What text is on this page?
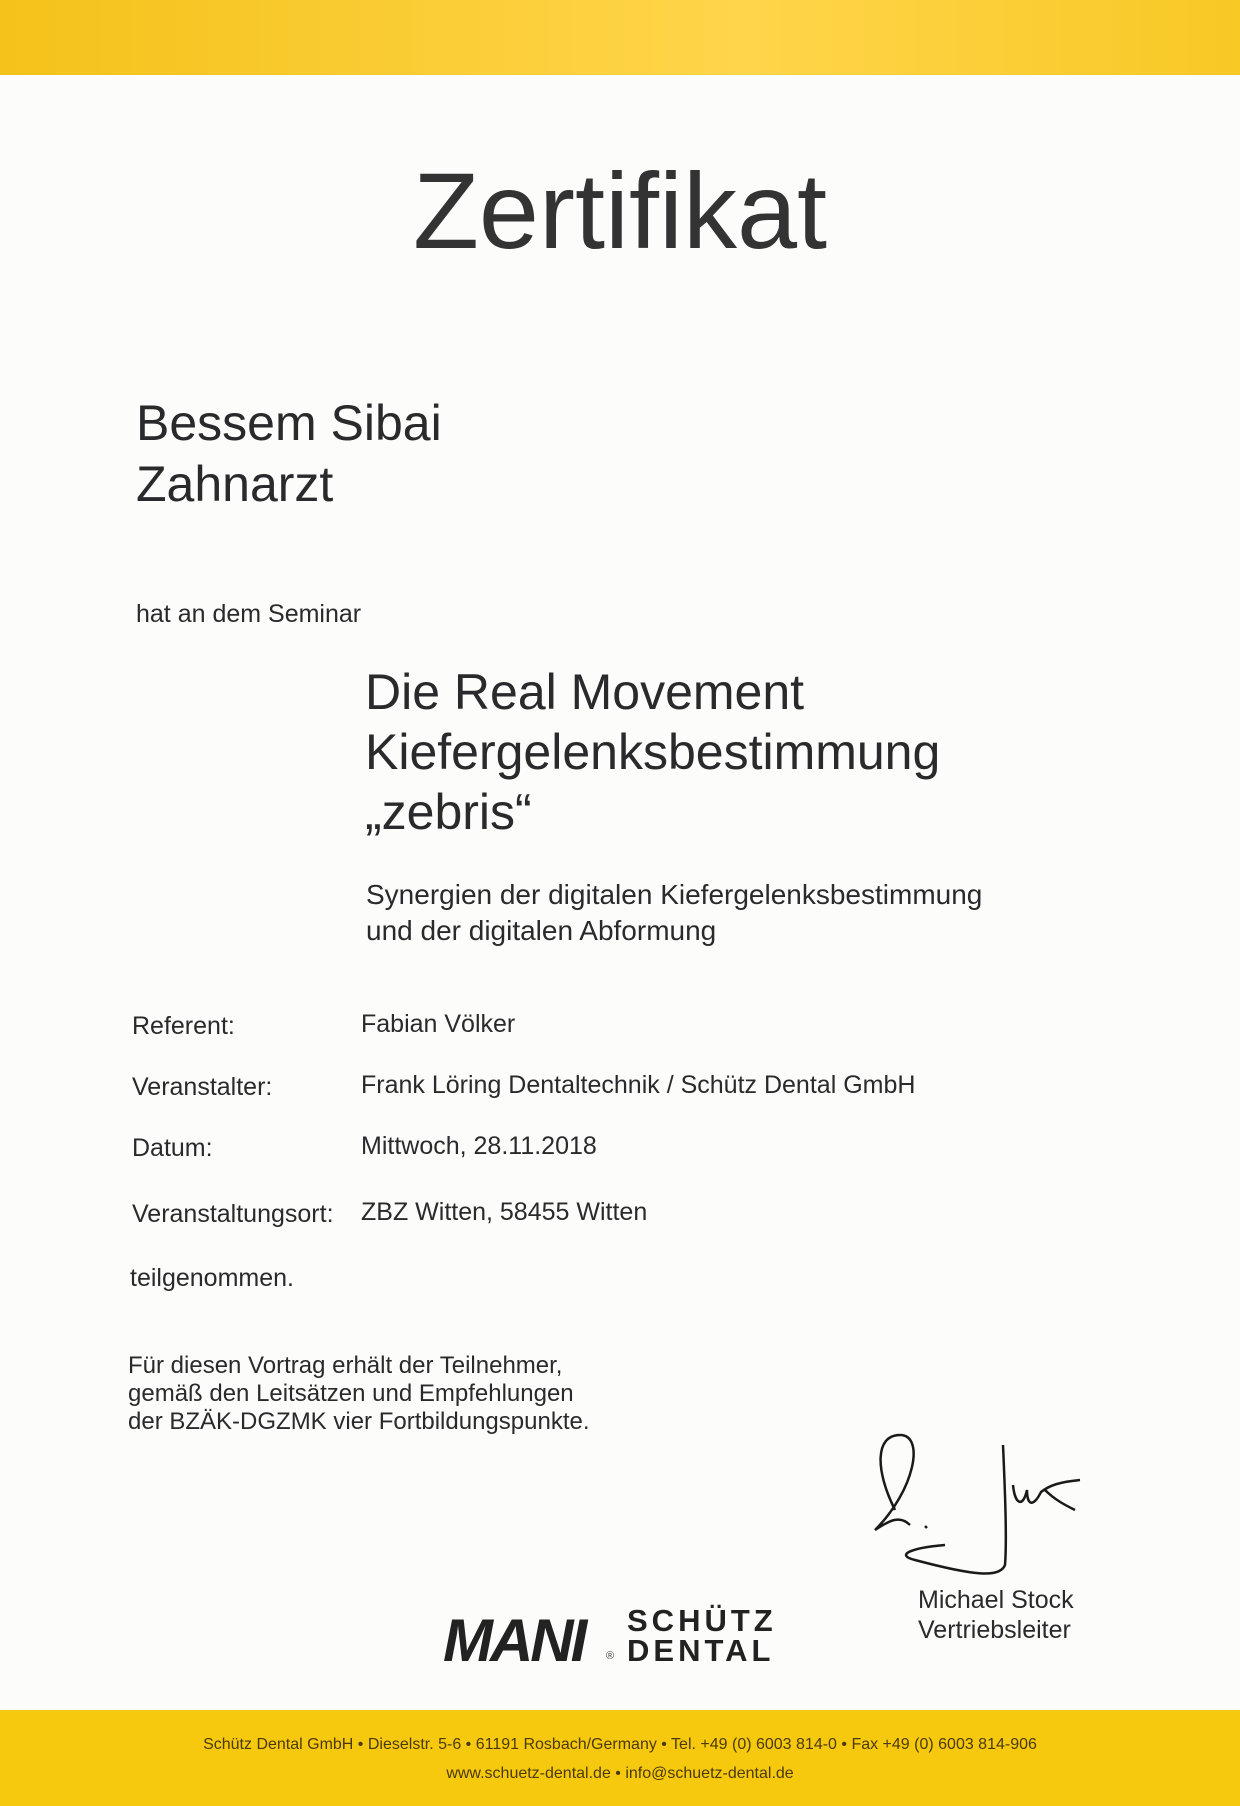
Zertifikat
Bessem Sibai
Zahnarzt
hat an dem Seminar
Die Real Movement
Kiefergelenksbestimmung
„zebris“
Synergien der digitalen Kiefergelenksbestimmung
und der digitalen Abformung
Referent:	Fabian Völker
Veranstalter:	Frank Löring Dentaltechnik / Schütz Dental GmbH
Datum:	Mittwoch, 28.11.2018
Veranstaltungsort: ZBZ Witten, 58455 Witten
teilgenommen.
Für diesen Vortrag erhält der Teilnehmer,
gemäß den Leitsätzen und Empfehlungen
der BZÄK-DGZMK vier Fortbildungspunkte.
Michael Stock
Vertriebsleiter
MANI ®
SCHÜTZ
DENTAL
Schütz Dental GmbH • Dieselstr. 5-6 • 61191 Rosbach/Germany • Tel. +49 (0) 6003 814-0 • Fax +49 (0) 6003 814-906
www.schuetz-dental.de • info@schuetz-dental.de
